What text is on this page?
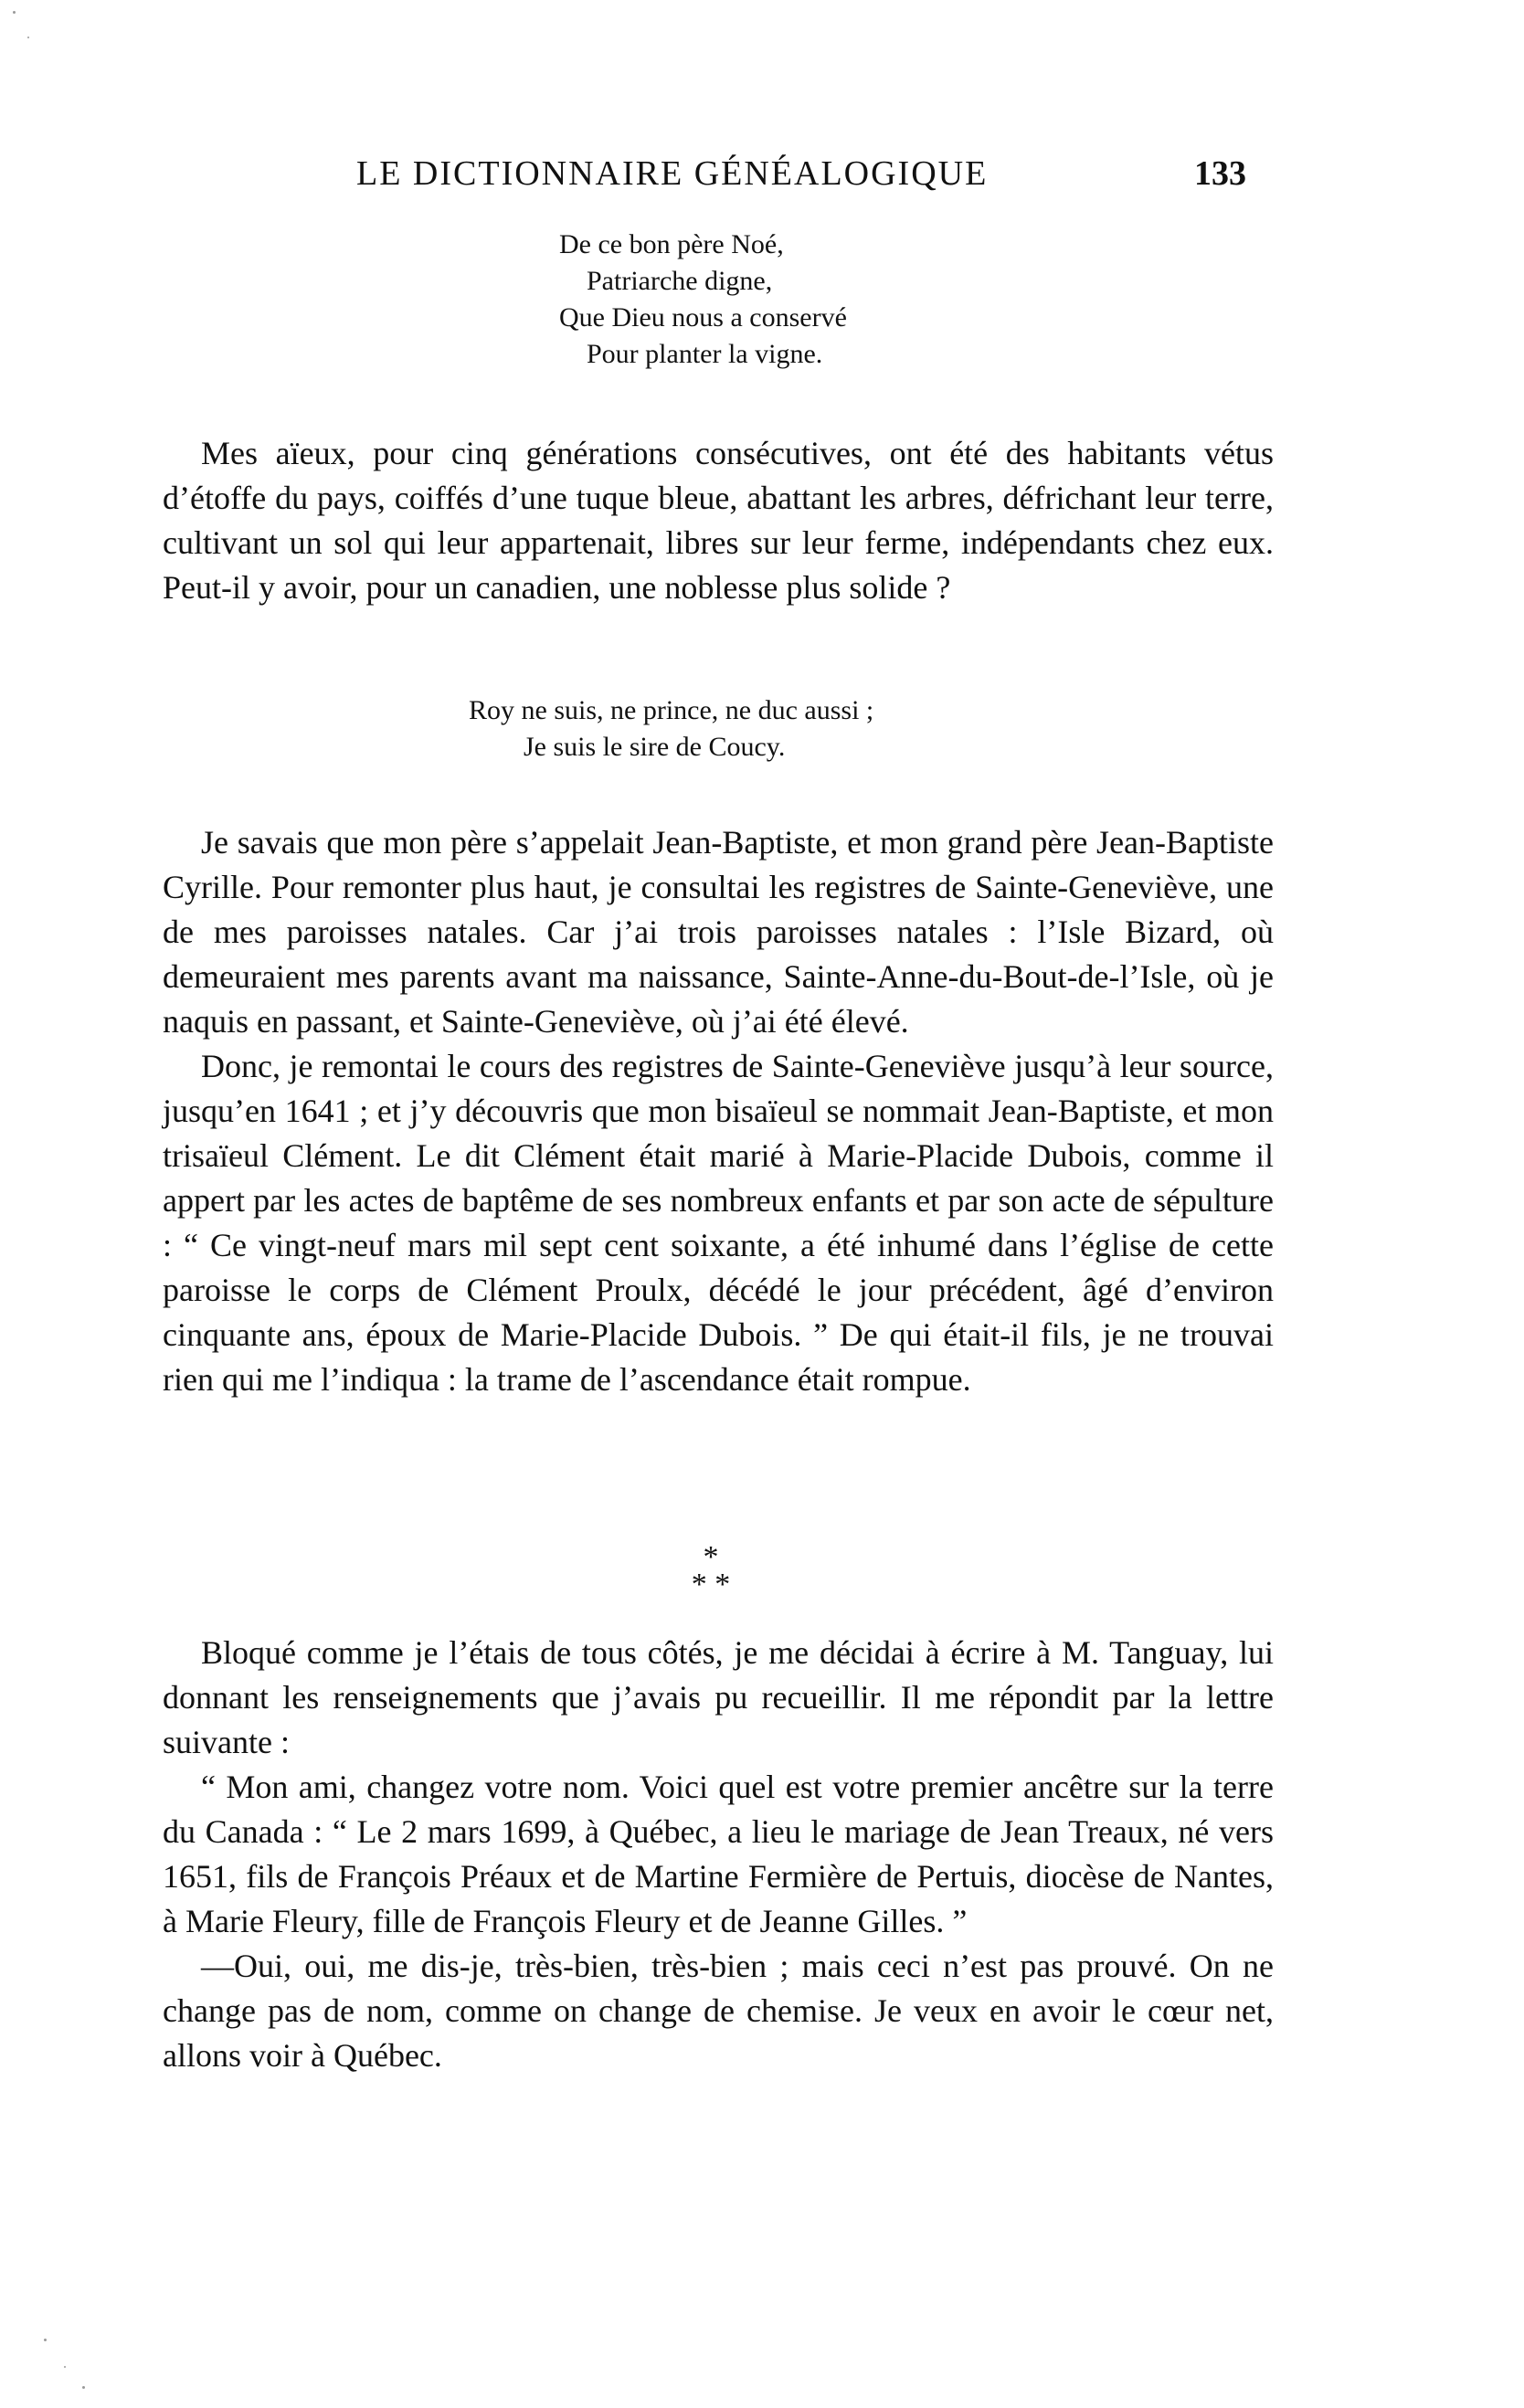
LE DICTIONNAIRE GÉNÉALOGIQUE	133
De ce bon père Noé,
Patriarche digne,
Que Dieu nous a conservé
Pour planter la vigne.

Mes aïeux, pour cinq générations consécutives, ont été des habitants vétus d’étoffe du pays, coiffés d’une tuque bleue, abattant les arbres, défrichant leur terre, cultivant un sol qui leur appartenait, libres sur leur ferme, indépendants chez eux. Peut-il y avoir, pour un canadien, une noblesse plus solide ?

Roy ne suis, ne prince, ne duc aussi ;
Je suis le sire de Coucy.

Je savais que mon père s’appelait Jean-Baptiste, et mon grand père Jean-Baptiste Cyrille. Pour remonter plus haut, je consultai les registres de Sainte-Geneviève, une de mes paroisses natales. Car j’ai trois paroisses natales : l’Isle Bizard, où demeuraient mes parents avant ma naissance, Sainte-Anne-du-Bout-de-l’Isle, où je naquis en passant, et Sainte-Geneviève, où j’ai été élevé.

Donc, je remontai le cours des registres de Sainte-Geneviève jusqu’à leur source, jusqu’en 1641 ; et j’y découvris que mon bisaïeul se nommait Jean-Baptiste, et mon trisaïeul Clément. Le dit Clément était marié à Marie-Placide Dubois, comme il appert par les actes de baptême de ses nombreux enfants et par son acte de sépulture : “ Ce vingt-neuf mars mil sept cent soixante, a été inhumé dans l’église de cette paroisse le corps de Clément Proulx, décédé le jour précédent, âgé d’environ cinquante ans, époux de Marie-Placide Dubois. ” De qui était-il fils, je ne trouvai rien qui me l’indiqua : la trame de l’ascendance était rompue.

*
* *

Bloqué comme je l’étais de tous côtés, je me décidai à écrire à M. Tanguay, lui donnant les renseignements que j’avais pu recueillir. Il me répondit par la lettre suivante :

“ Mon ami, changez votre nom. Voici quel est votre premier ancêtre sur la terre du Canada : “ Le 2 mars 1699, à Québec, a lieu le mariage de Jean Treaux, né vers 1651, fils de François Préaux et de Martine Fermière de Pertuis, diocèse de Nantes, à Marie Fleury, fille de François Fleury et de Jeanne Gilles. ”

—Oui, oui, me dis-je, très-bien, très-bien ; mais ceci n’est pas prouvé. On ne change pas de nom, comme on change de chemise. Je veux en avoir le cœur net, allons voir à Québec.
